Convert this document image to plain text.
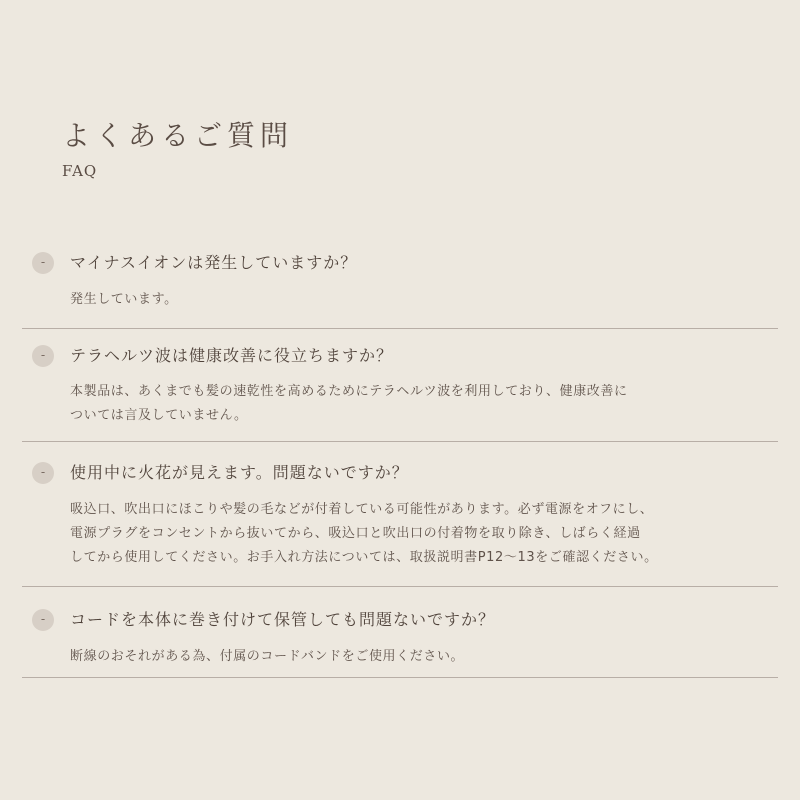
よくあるご質問
FAQ
-	マイナスイオンは発生していますか？
発生しています。
-	テラヘルツ波は健康改善に役立ちますか？
本製品は、あくまでも髪の速乾性を高めるためにテラヘルツ波を利用しており、健康改善に
ついては言及していません。
-	使用中に火花が見えます。問題ないですか？
吸込口、吹出口にほこりや髪の毛などが付着している可能性があります。必ず電源をオフにし、
電源プラグをコンセントから抜いてから、吸込口と吹出口の付着物を取り除き、しばらく経過
してから使用してください。お手入れ方法については、取扱説明書P12〜13をご確認ください。
-	コードを本体に巻き付けて保管しても問題ないですか？
断線のおそれがある為、付属のコードバンドをご使用ください。
